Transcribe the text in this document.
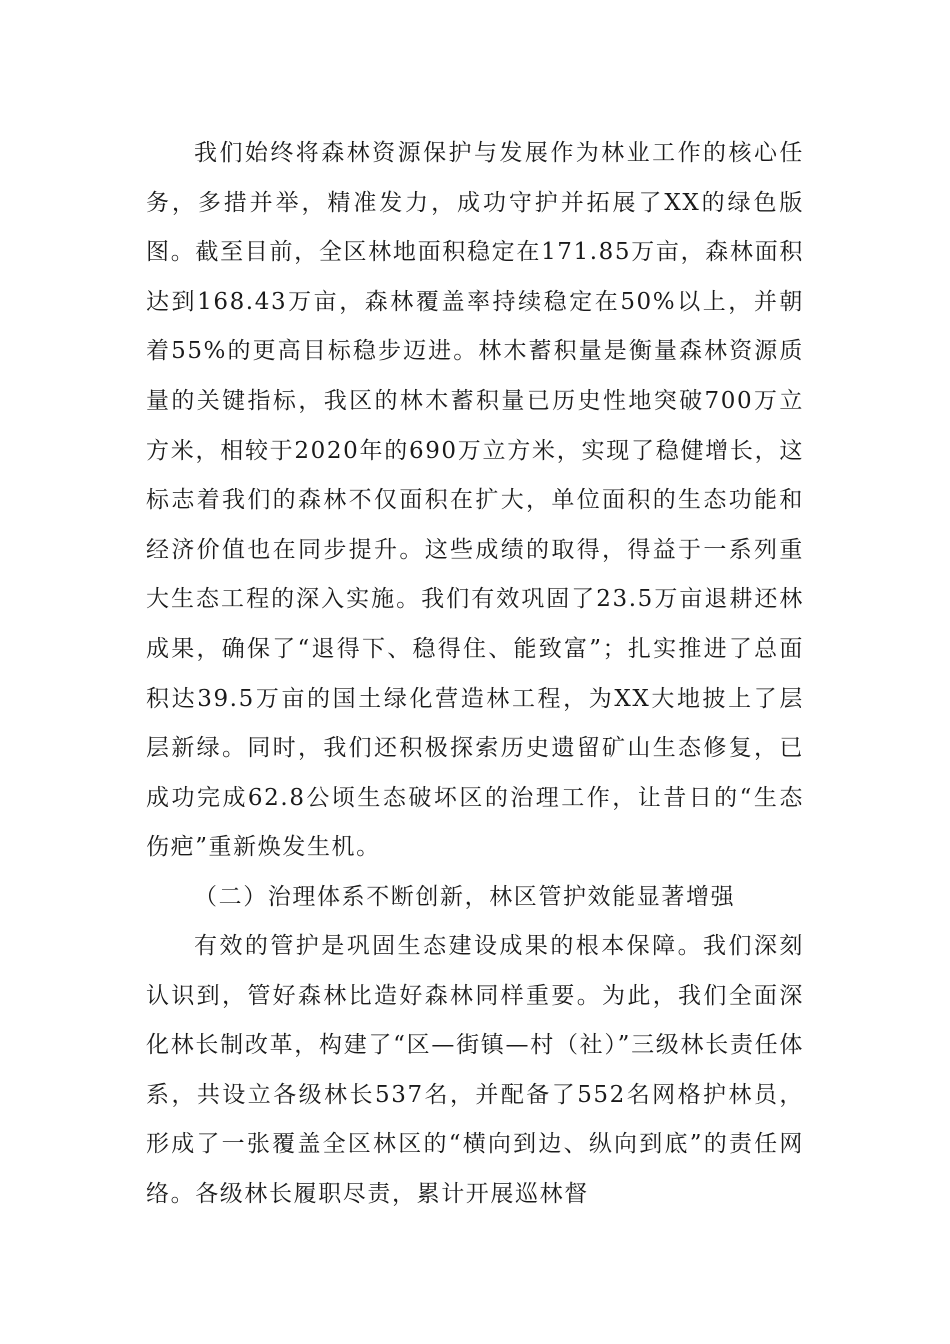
我们始终将森林资源保护与发展作为林业工作的核心任务，多措并举，精准发力，成功守护并拓展了XX的绿色版图。截至目前，全区林地面积稳定在171.85万亩，森林面积达到168.43万亩，森林覆盖率持续稳定在50%以上，并朝着55%的更高目标稳步迈进。林木蓄积量是衡量森林资源质量的关键指标，我区的林木蓄积量已历史性地突破700万立方米，相较于2020年的690万立方米，实现了稳健增长，这标志着我们的森林不仅面积在扩大，单位面积的生态功能和经济价值也在同步提升。这些成绩的取得，得益于一系列重大生态工程的深入实施。我们有效巩固了23.5万亩退耕还林成果，确保了“退得下、稳得住、能致富”；扎实推进了总面积达39.5万亩的国土绿化营造林工程，为XX大地披上了层层新绿。同时，我们还积极探索历史遗留矿山生态修复，已成功完成62.8公顷生态破坏区的治理工作，让昔日的“生态伤疤”重新焕发生机。

（二）治理体系不断创新，林区管护效能显著增强

有效的管护是巩固生态建设成果的根本保障。我们深刻认识到，管好森林比造好森林同样重要。为此，我们全面深化林长制改革，构建了“区—街镇—村（社）”三级林长责任体系，共设立各级林长537名，并配备了552名网格护林员，形成了一张覆盖全区林区的“横向到边、纵向到底”的责任网络。各级林长履职尽责，累计开展巡林督
